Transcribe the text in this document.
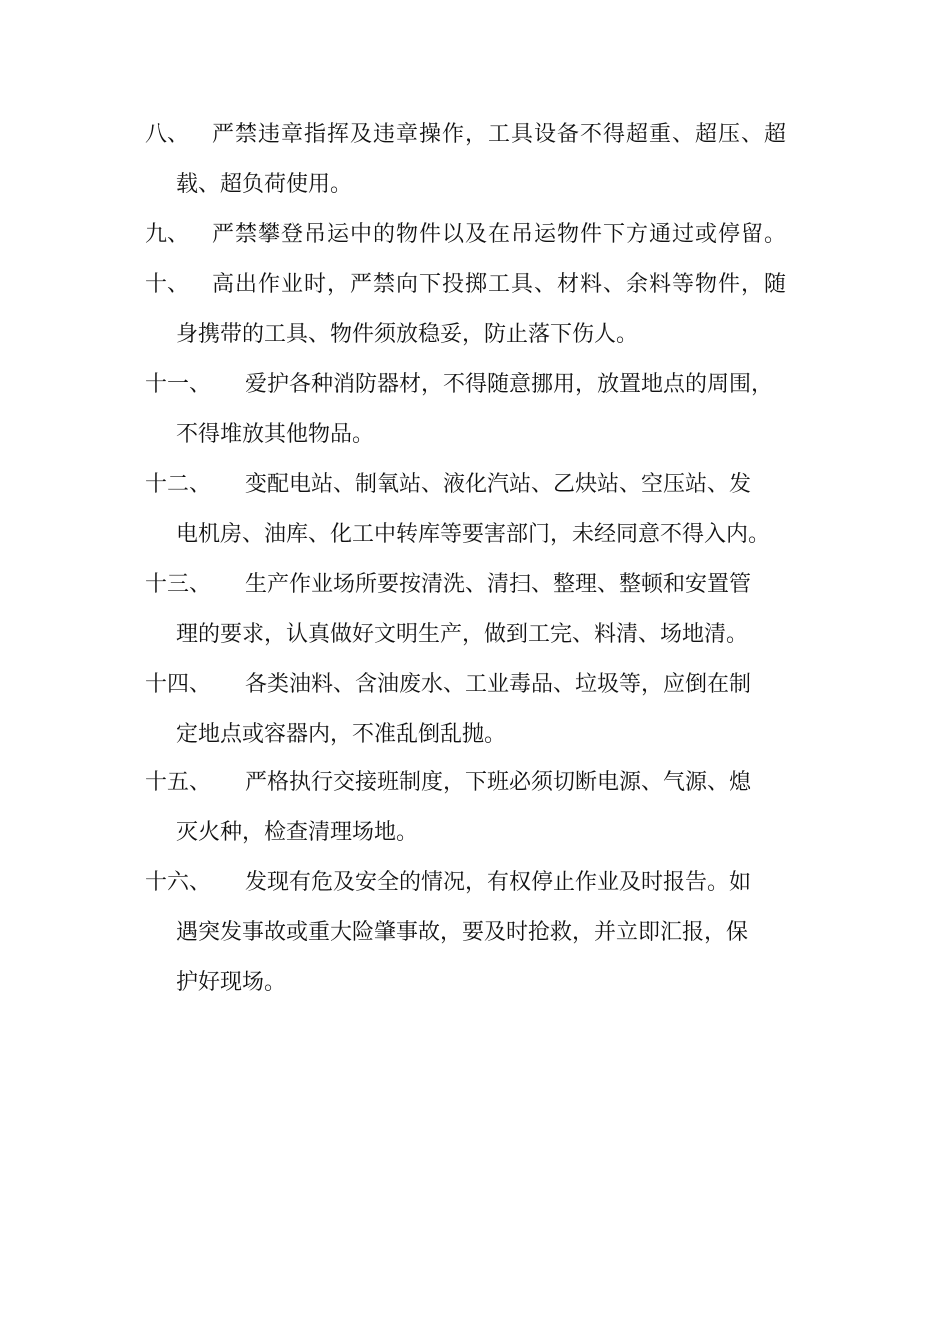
八、 严禁违章指挥及违章操作，工具设备不得超重、超压、超
载、超负荷使用。
九、 严禁攀登吊运中的物件以及在吊运物件下方通过或停留。
十、 高出作业时，严禁向下投掷工具、材料、余料等物件，随
身携带的工具、物件须放稳妥，防止落下伤人。
十一、 爱护各种消防器材，不得随意挪用，放置地点的周围，
不得堆放其他物品。
十二、 变配电站、制氧站、液化汽站、乙炔站、空压站、发
电机房、油库、化工中转库等要害部门，未经同意不得入内。
十三、 生产作业场所要按清洗、清扫、整理、整顿和安置管
理的要求，认真做好文明生产，做到工完、料清、场地清。
十四、 各类油料、含油废水、工业毒品、垃圾等，应倒在制
定地点或容器内，不准乱倒乱抛。
十五、 严格执行交接班制度，下班必须切断电源、气源、熄
灭火种，检查清理场地。
十六、 发现有危及安全的情况，有权停止作业及时报告。如
遇突发事故或重大险肇事故，要及时抢救，并立即汇报，保
护好现场。
